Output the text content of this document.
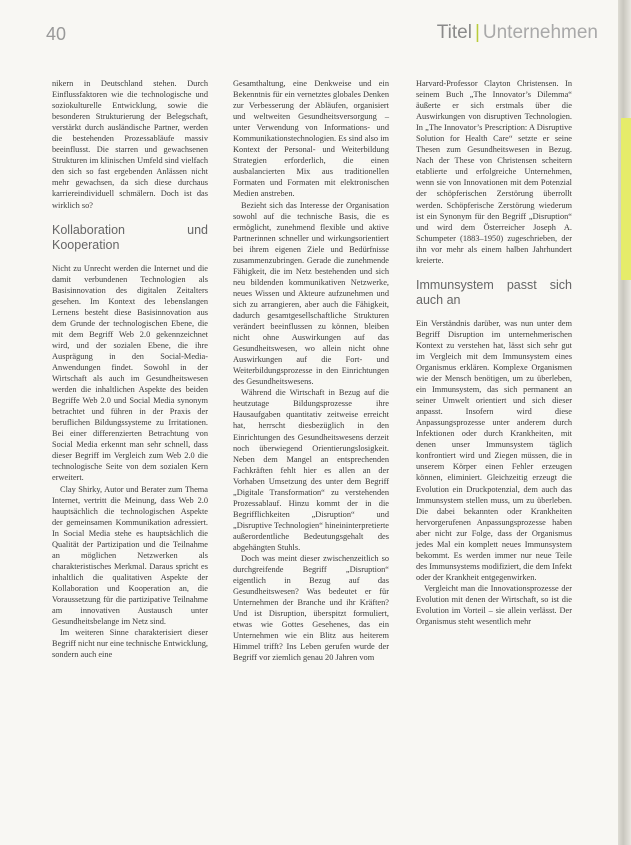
40	Titel | Unternehmen

nikern in Deutschland stehen. Durch Einflussfaktoren wie die technologische und soziokulturelle Entwicklung, sowie die besonderen Strukturierung der Belegschaft, verstärkt durch ausländische Partner, werden die bestehenden Prozessabläufe massiv beeinflusst. Die starren und gewachsenen Strukturen im klinischen Umfeld sind vielfach den sich so fast ergebenden Anlässen nicht mehr gewachsen, da sich diese durchaus karriereindividuell schmälern. Doch ist das wirklich so?

Kollaboration und Kooperation

Nicht zu Unrecht werden die Internet und die damit verbundenen Technologien als Basisinnovation des digitalen Zeitalters gesehen. Im Kontext des lebenslangen Lernens besteht diese Basisinnovation aus dem Grunde der technologischen Ebene, die mit dem Begriff Web 2.0 gekennzeichnet wird, und der sozialen Ebene, die ihre Ausprägung in den Social-Media-Anwendungen findet. Sowohl in der Wirtschaft als auch im Gesundheitswesen werden die inhaltlichen Aspekte des beiden Begriffe Web 2.0 und Social Media synonym betrachtet und führen in der Praxis der beruflichen Bildungssysteme zu Irritationen. Bei einer differenzierten Betrachtung von Social Media erkennt man sehr schnell, dass dieser Begriff im Vergleich zum Web 2.0 die technologische Seite von dem sozialen Kern erweitert.

Clay Shirky, Autor und Berater zum Thema Internet, vertritt die Meinung, dass Web 2.0 hauptsächlich die technologischen Aspekte der gemeinsamen Kommunikation adressiert. In Social Media stehe es hauptsächlich die Qualität der Partizipation und die Teilnahme an möglichen Netzwerken als charakteristisches Merkmal. Daraus spricht es inhaltlich die qualitativen Aspekte der Kollaboration und Kooperation an, die Voraussetzung für die partizipative Teilnahme am innovativen Austausch unter Gesundheitsbelange im Netz sind.

Im weiteren Sinne charakterisiert dieser Begriff nicht nur eine technische Entwicklung, sondern auch eine

Gesamthaltung, eine Denkweise und ein Bekenntnis für ein vernetztes globales Denken zur Verbesserung der Abläufen, organisiert und weltweiten Gesundheitsversorgung – unter Verwendung von Informations- und Kommunikationstechnologien. Es sind also im Kontext der Personal- und Weiterbildung Strategien erforderlich, die einen ausbalancierten Mix aus traditionellen Formaten und Formaten mit elektronischen Medien anstreben.

Bezieht sich das Interesse der Organisation sowohl auf die technische Basis, die es ermöglicht, zunehmend flexible und aktive Partnerinnen schneller und wirkungsorientiert bei ihrem eigenen Ziele und Bedürfnisse zusammenzubringen. Gerade die zunehmende Fähigkeit, die im Netz bestehenden und sich neu bildenden kommunikativen Netzwerke, neues Wissen und Akteure aufzunehmen und sich zu arrangieren, aber auch die Fähigkeit, dadurch gesamtgesellschaftliche Strukturen verändert beeinflussen zu können, bleiben nicht ohne Auswirkungen auf das Gesundheitswesen, wo allein nicht ohne Auswirkungen auf die Fort- und Weiterbildungsprozesse in den Einrichtungen des Gesundheitswesens.

Während die Wirtschaft in Bezug auf die heutzutage Bildungsprozesse ihre Hausaufgaben quantitativ zeitweise erreicht hat, herrscht diesbezüglich in den Einrichtungen des Gesundheitswesens derzeit noch überwiegend Orientierungslosigkeit. Neben dem Mangel an entsprechenden Fachkräften fehlt hier es allen an der Vorhaben Umsetzung des unter dem Begriff „Digitale Transformation“ zu verstehenden Prozessablauf. Hinzu kommt der in die Begrifflichkeiten „Disruption“ und „Disruptive Technologien“ hineininterpretierte außerordentliche Bedeutungsgehalt des abgehängten Stuhls.

Doch was meint dieser zwischenzeitlich so durchgreifende Begriff „Disruption“ eigentlich in Bezug auf das Gesundheitswesen? Was bedeutet er für Unternehmen der Branche und ihr Kräften? Und ist Disruption, überspitzt formuliert, etwas wie Gottes Gesehenes, das ein Unternehmen wie ein Blitz aus heiterem Himmel trifft? Ins Leben gerufen wurde der Begriff vor ziemlich genau 20 Jahren vom

Harvard-Professor Clayton Christensen. In seinem Buch „The Innovator’s Dilemma“ äußerte er sich erstmals über die Auswirkungen von disruptiven Technologien. In „The Innovator’s Prescription: A Disruptive Solution for Health Care“ setzte er seine Thesen zum Gesundheitswesen in Bezug. Nach der These von Christensen scheitern etablierte und erfolgreiche Unternehmen, wenn sie von Innovationen mit dem Potenzial der schöpferischen Zerstörung überrollt werden. Schöpferische Zerstörung wiederum ist ein Synonym für den Begriff „Disruption“ und wird dem Österreicher Joseph A. Schumpeter (1883–1950) zugeschrieben, der ihn vor mehr als einem halben Jahrhundert kreierte.

Immunsystem passt sich auch an

Ein Verständnis darüber, was nun unter dem Begriff Disruption im unternehmerischen Kontext zu verstehen hat, lässt sich sehr gut im Vergleich mit dem Immunsystem eines Organismus erklären. Komplexe Organismen wie der Mensch benötigen, um zu überleben, ein Immunsystem, das sich permanent an seiner Umwelt orientiert und sich dieser anpasst. Insofern wird diese Anpassungsprozesse unter anderem durch Infektionen oder durch Krankheiten, mit denen unser Immunsystem täglich konfrontiert wird und Ziegen müssen, die in unserem Körper einen Fehler erzeugen können, eliminiert. Gleichzeitig erzeugt die Evolution ein Druckpotenzial, dem auch das Immunsystem stellen muss, um zu überleben. Die dabei bekannten oder Krankheiten hervorgerufenen Anpassungsprozesse haben aber nicht zur Folge, dass der Organismus jedes Mal ein komplett neues Immunsystem bekommt. Es werden immer nur neue Teile des Immunsystems modifiziert, die dem Infekt oder der Krankheit entgegenwirken.

Vergleicht man die Innovationsprozesse der Evolution mit denen der Wirtschaft, so ist die Evolution im Vorteil – sie allein verlässt. Der Organismus steht wesentlich mehr
